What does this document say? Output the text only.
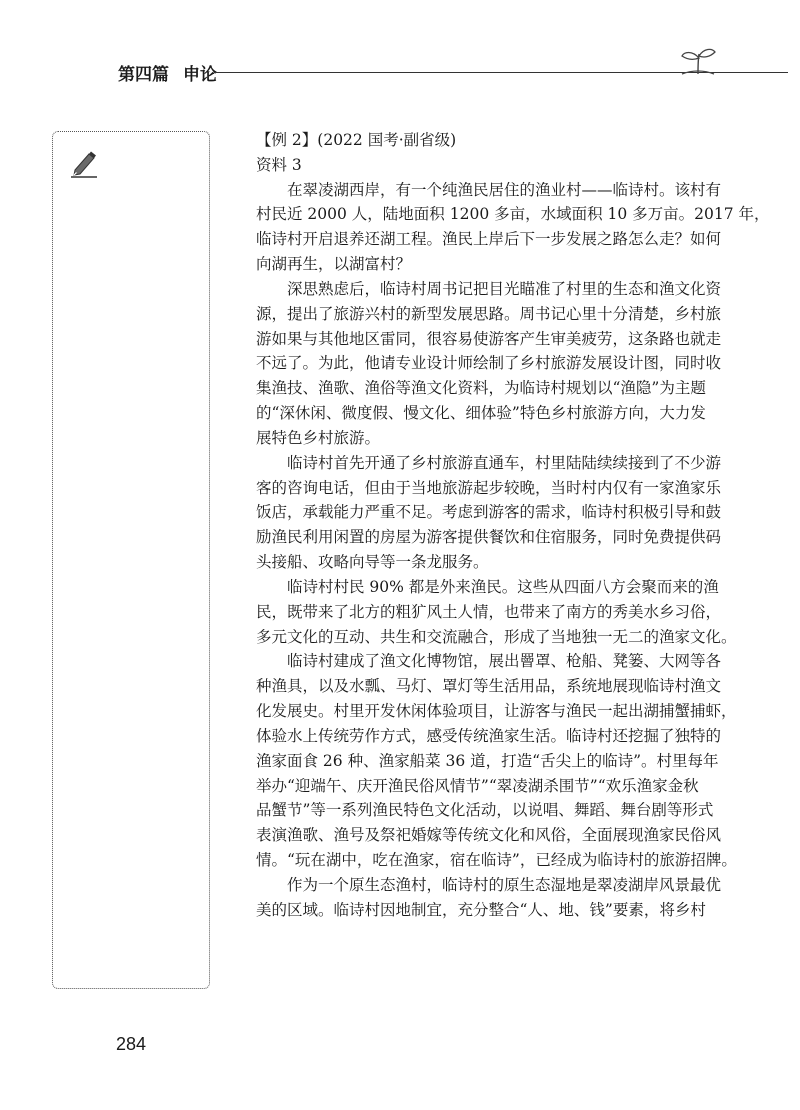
第四篇 申论
【例 2】(2022 国考·副省级)
资料 3
在翠凌湖西岸，有一个纯渔民居住的渔业村——临诗村。该村有
村民近 2000 人，陆地面积 1200 多亩，水域面积 10 多万亩。2017 年，
临诗村开启退养还湖工程。渔民上岸后下一步发展之路怎么走？如何
向湖再生，以湖富村？
深思熟虑后，临诗村周书记把目光瞄准了村里的生态和渔文化资
源，提出了旅游兴村的新型发展思路。周书记心里十分清楚，乡村旅
游如果与其他地区雷同，很容易使游客产生审美疲劳，这条路也就走
不远了。为此，他请专业设计师绘制了乡村旅游发展设计图，同时收
集渔技、渔歌、渔俗等渔文化资料，为临诗村规划以“渔隐”为主题
的“深休闲、微度假、慢文化、细体验”特色乡村旅游方向，大力发
展特色乡村旅游。
临诗村首先开通了乡村旅游直通车，村里陆陆续续接到了不少游
客的咨询电话，但由于当地旅游起步较晚，当时村内仅有一家渔家乐
饭店，承载能力严重不足。考虑到游客的需求，临诗村积极引导和鼓
励渔民利用闲置的房屋为游客提供餐饮和住宿服务，同时免费提供码
头接船、攻略向导等一条龙服务。
临诗村村民 90% 都是外来渔民。这些从四面八方会聚而来的渔
民，既带来了北方的粗犷风土人情，也带来了南方的秀美水乡习俗，
多元文化的互动、共生和交流融合，形成了当地独一无二的渔家文化。
临诗村建成了渔文化博物馆，展出罾罩、枪船、凳篓、大网等各
种渔具，以及水瓢、马灯、罩灯等生活用品，系统地展现临诗村渔文
化发展史。村里开发休闲体验项目，让游客与渔民一起出湖捕蟹捕虾，
体验水上传统劳作方式，感受传统渔家生活。临诗村还挖掘了独特的
渔家面食 26 种、渔家船菜 36 道，打造“舌尖上的临诗”。村里每年
举办“迎端午、庆开渔民俗风情节”“翠凌湖杀围节”“欢乐渔家金秋
品蟹节”等一系列渔民特色文化活动，以说唱、舞蹈、舞台剧等形式
表演渔歌、渔号及祭祀婚嫁等传统文化和风俗，全面展现渔家民俗风
情。“玩在湖中，吃在渔家，宿在临诗”，已经成为临诗村的旅游招牌。
作为一个原生态渔村，临诗村的原生态湿地是翠凌湖岸风景最优
美的区域。临诗村因地制宜，充分整合“人、地、钱”要素，将乡村
284
